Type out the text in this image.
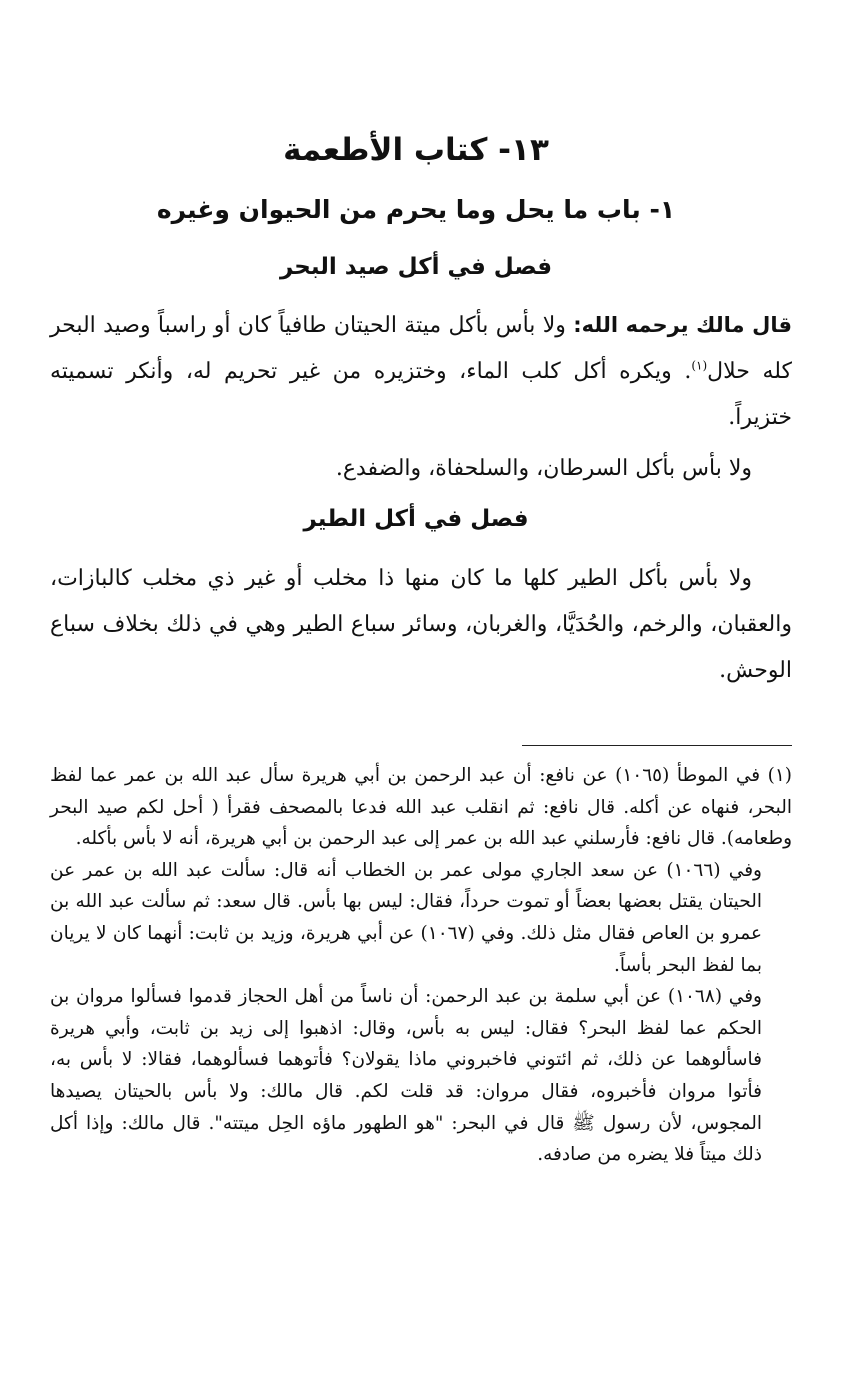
١٣- كتاب الأطعمة
١- باب ما يحل وما يحرم من الحيوان وغيره
فصل في أكل صيد البحر

قال مالك يرحمه الله: ولا بأس بأكل ميتة الحيتان طافياً كان أو راسباً وصيد البحر كله حلال$^{(١)}$. ويكره أكل كلب الماء، وختزيره من غير تحريم له، وأنكر تسميته ختزيراً.

ولا بأس بأكل السرطان، والسلحفاة، والضفدع.

فصل في أكل الطير

ولا بأس بأكل الطير كلها ما كان منها ذا مخلب أو غير ذي مخلب كالبازات، والعقبان، والرخم، والحُدَيَّا، والغربان، وسائر سباع الطير وهي في ذلك بخلاف سباع الوحش.

(١) في الموطأ (١٠٦٥) عن نافع: أن عبد الرحمن بن أبي هريرة سأل عبد الله بن عمر عما لفظ البحر، فنهاه عن أكله. قال نافع: ثم انقلب عبد الله فدعا بالمصحف فقرأ ( أحل لكم صيد البحر وطعامه). قال نافع: فأرسلني عبد الله بن عمر إلى عبد الرحمن بن أبي هريرة، أنه لا بأس بأكله.

وفي (١٠٦٦) عن سعد الجاري مولى عمر بن الخطاب أنه قال: سألت عبد الله بن عمر عن الحيتان يقتل بعضها بعضاً أو تموت حرداً، فقال: ليس بها بأس. قال سعد: ثم سألت عبد الله بن عمرو بن العاص فقال مثل ذلك. وفي (١٠٦٧) عن أبي هريرة، وزيد بن ثابت: أنهما كان لا يريان بما لفظ البحر بأساً.

وفي (١٠٦٨) عن أبي سلمة بن عبد الرحمن: أن ناساً من أهل الحجاز قدموا فسألوا مروان بن الحكم عما لفظ البحر؟ فقال: ليس به بأس، وقال: اذهبوا إلى زيد بن ثابت، وأبي هريرة فاسألوهما عن ذلك، ثم ائتوني فاخبروني ماذا يقولان؟ فأتوهما فسألوهما، فقالا: لا بأس به، فأتوا مروان فأخبروه، فقال مروان: قد قلت لكم. قال مالك: ولا بأس بالحيتان يصيدها المجوس، لأن رسول ﷺ قال في البحر: "هو الطهور ماؤه الحِل ميتته". قال مالك: وإذا أكل ذلك ميتاً فلا يضره من صادفه.
